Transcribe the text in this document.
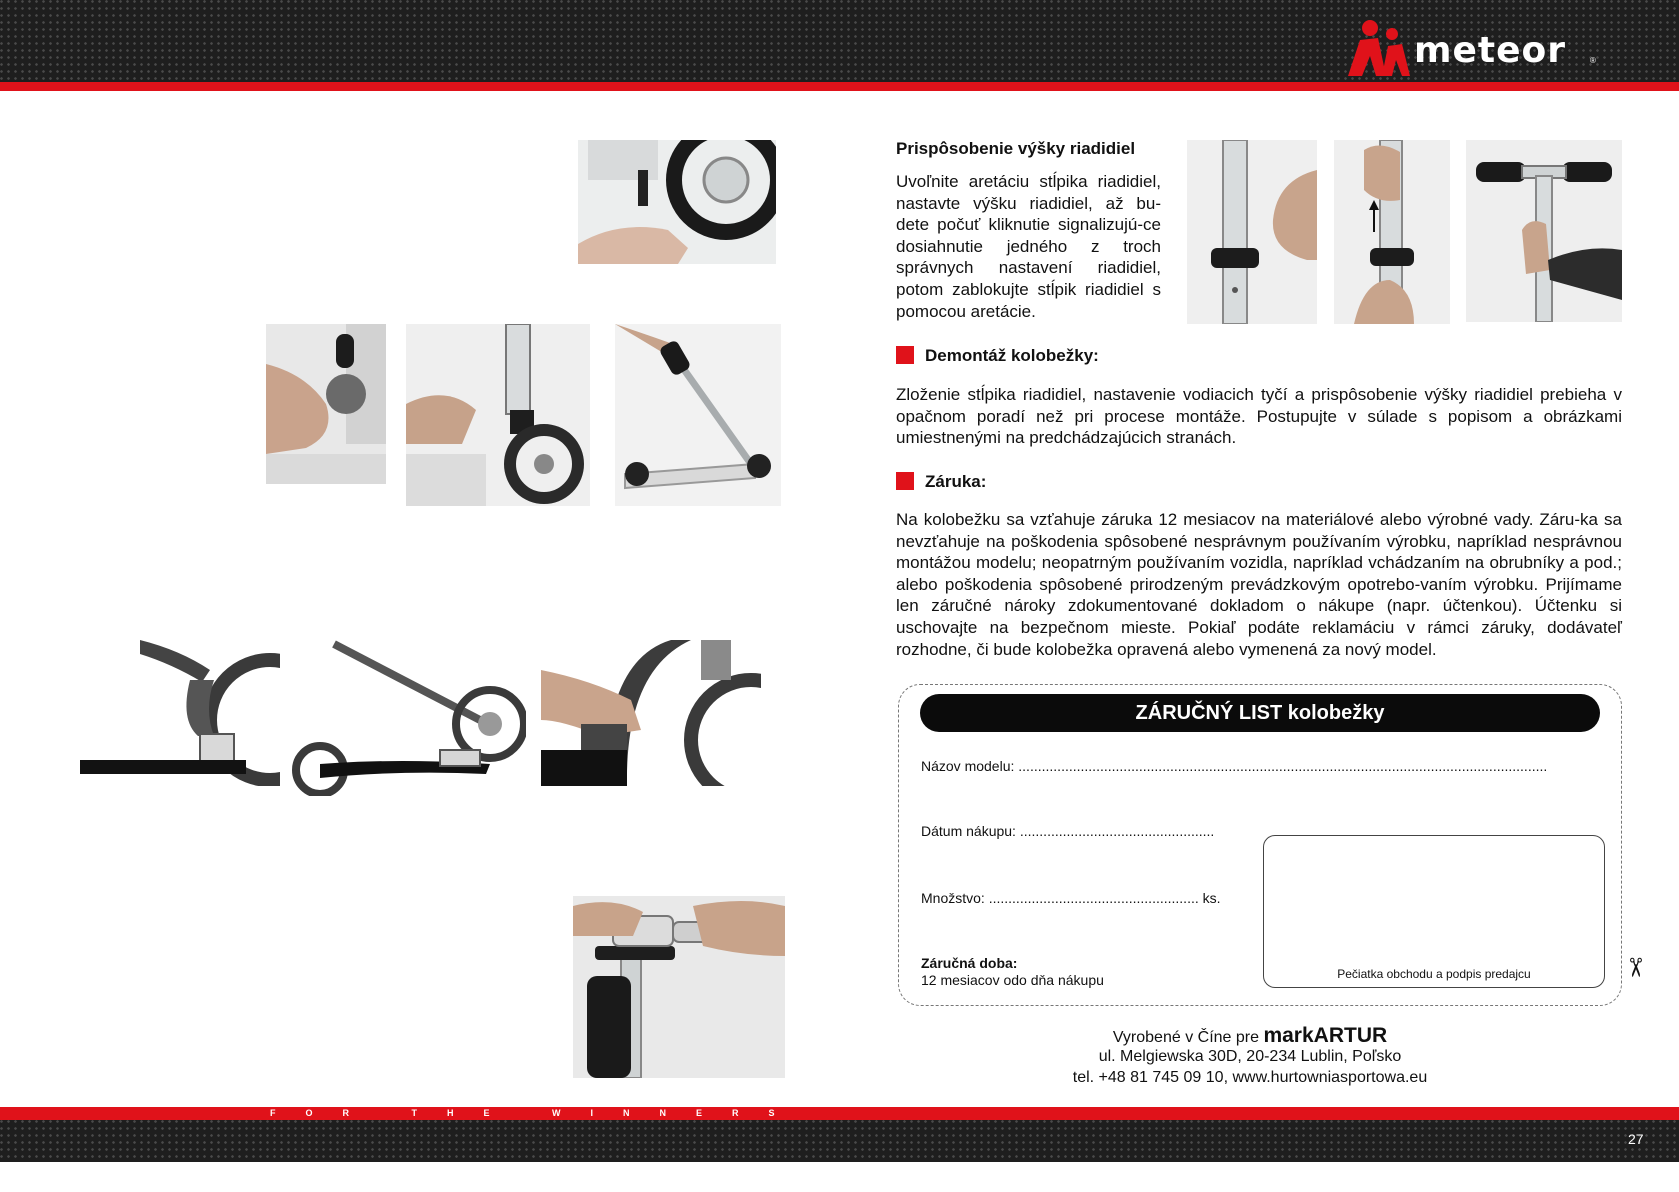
meteor	®
Prispôsobenie výšky riadidiel
Uvoľnite aretáciu stĺpika riadidiel, nastavte výšku riadidiel, až bu-dete počuť kliknutie signalizujú-ce dosiahnutie jedného z troch správnych nastavení riadidiel, potom zablokujte stĺpik riadidiel s pomocou aretácie.
Demontáž kolobežky:
Zloženie stĺpika riadidiel, nastavenie vodiacich tyčí a prispôsobenie výšky riadidiel prebieha v opačnom poradí než pri procese montáže. Postupujte v súlade s popisom a obrázkami umiestnenými na predchádzajúcich stranách.
Záruka:
Na kolobežku sa vzťahuje záruka 12 mesiacov na materiálové alebo výrobné vady. Záru-ka sa nevzťahuje na poškodenia spôsobené nesprávnym používaním výrobku, napríklad nesprávnou montážou modelu; neopatrným používaním vozidla, napríklad vchádzaním na obrubníky a pod.; alebo poškodenia spôsobené prirodzeným prevádzkovým opotrebo-vaním výrobku. Prijímame len záručné nároky zdokumentované dokladom o nákupe (napr. účtenkou). Účtenku si uschovajte na bezpečnom mieste. Pokiaľ podáte reklamáciu v rámci záruky, dodávateľ rozhodne, či bude kolobežka opravená alebo vymenená za nový model.
ZÁRUČNÝ LIST kolobežky
Názov modelu: ........................................................................................................................................
Dátum nákupu: ..................................................
Množstvo: ...................................................... ks.
Záručná doba:
12 mesiacov odo dňa nákupu	Pečiatka obchodu a podpis predajcu	✂
Vyrobené v Číne pre markARTUR
ul. Melgiewska 30D, 20-234 Lublin, Poľsko
tel. +48 81 745 09 10, www.hurtowniasportowa.eu
FOR THE WINNERS
27
